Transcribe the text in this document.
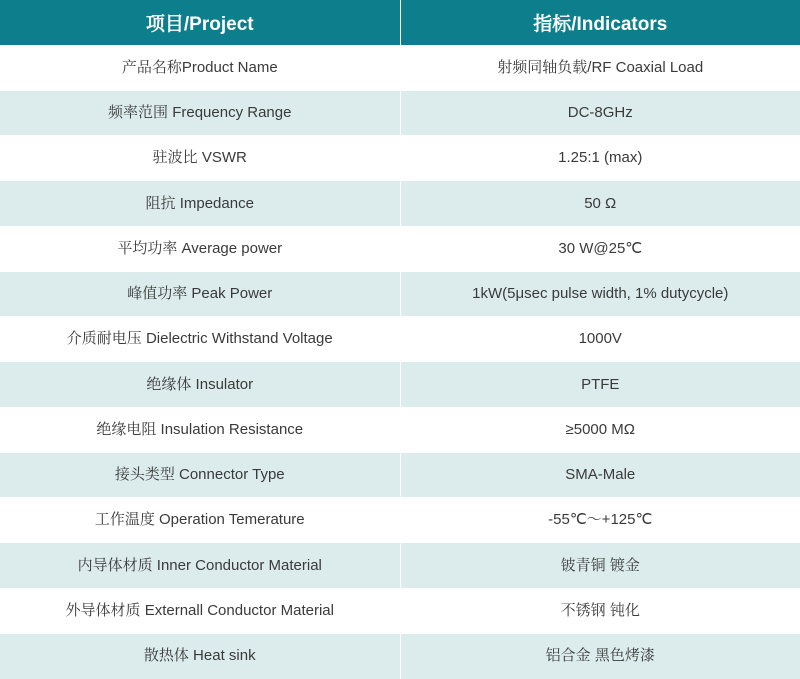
项目/Project	指标/Indicators
产品名称Product Name	射频同轴负载/RF Coaxial Load
频率范围 Frequency Range	DC-8GHz
驻波比 VSWR	1.25:1 (max)
阻抗 Impedance	50 Ω
平均功率 Average power	30 W@25℃
峰值功率 Peak Power	1kW(5μsec pulse width, 1% dutycycle)
介质耐电压 Dielectric Withstand Voltage	1000V
绝缘体 Insulator	PTFE
绝缘电阻 Insulation Resistance	≥5000 MΩ
接头类型 Connector Type	SMA-Male
工作温度 Operation Temerature	-55℃～+125℃
内导体材质 Inner Conductor Material	铍青铜 镀金
外导体材质 Externall Conductor Material	不锈钢 钝化
散热体 Heat sink	铝合金 黑色烤漆
